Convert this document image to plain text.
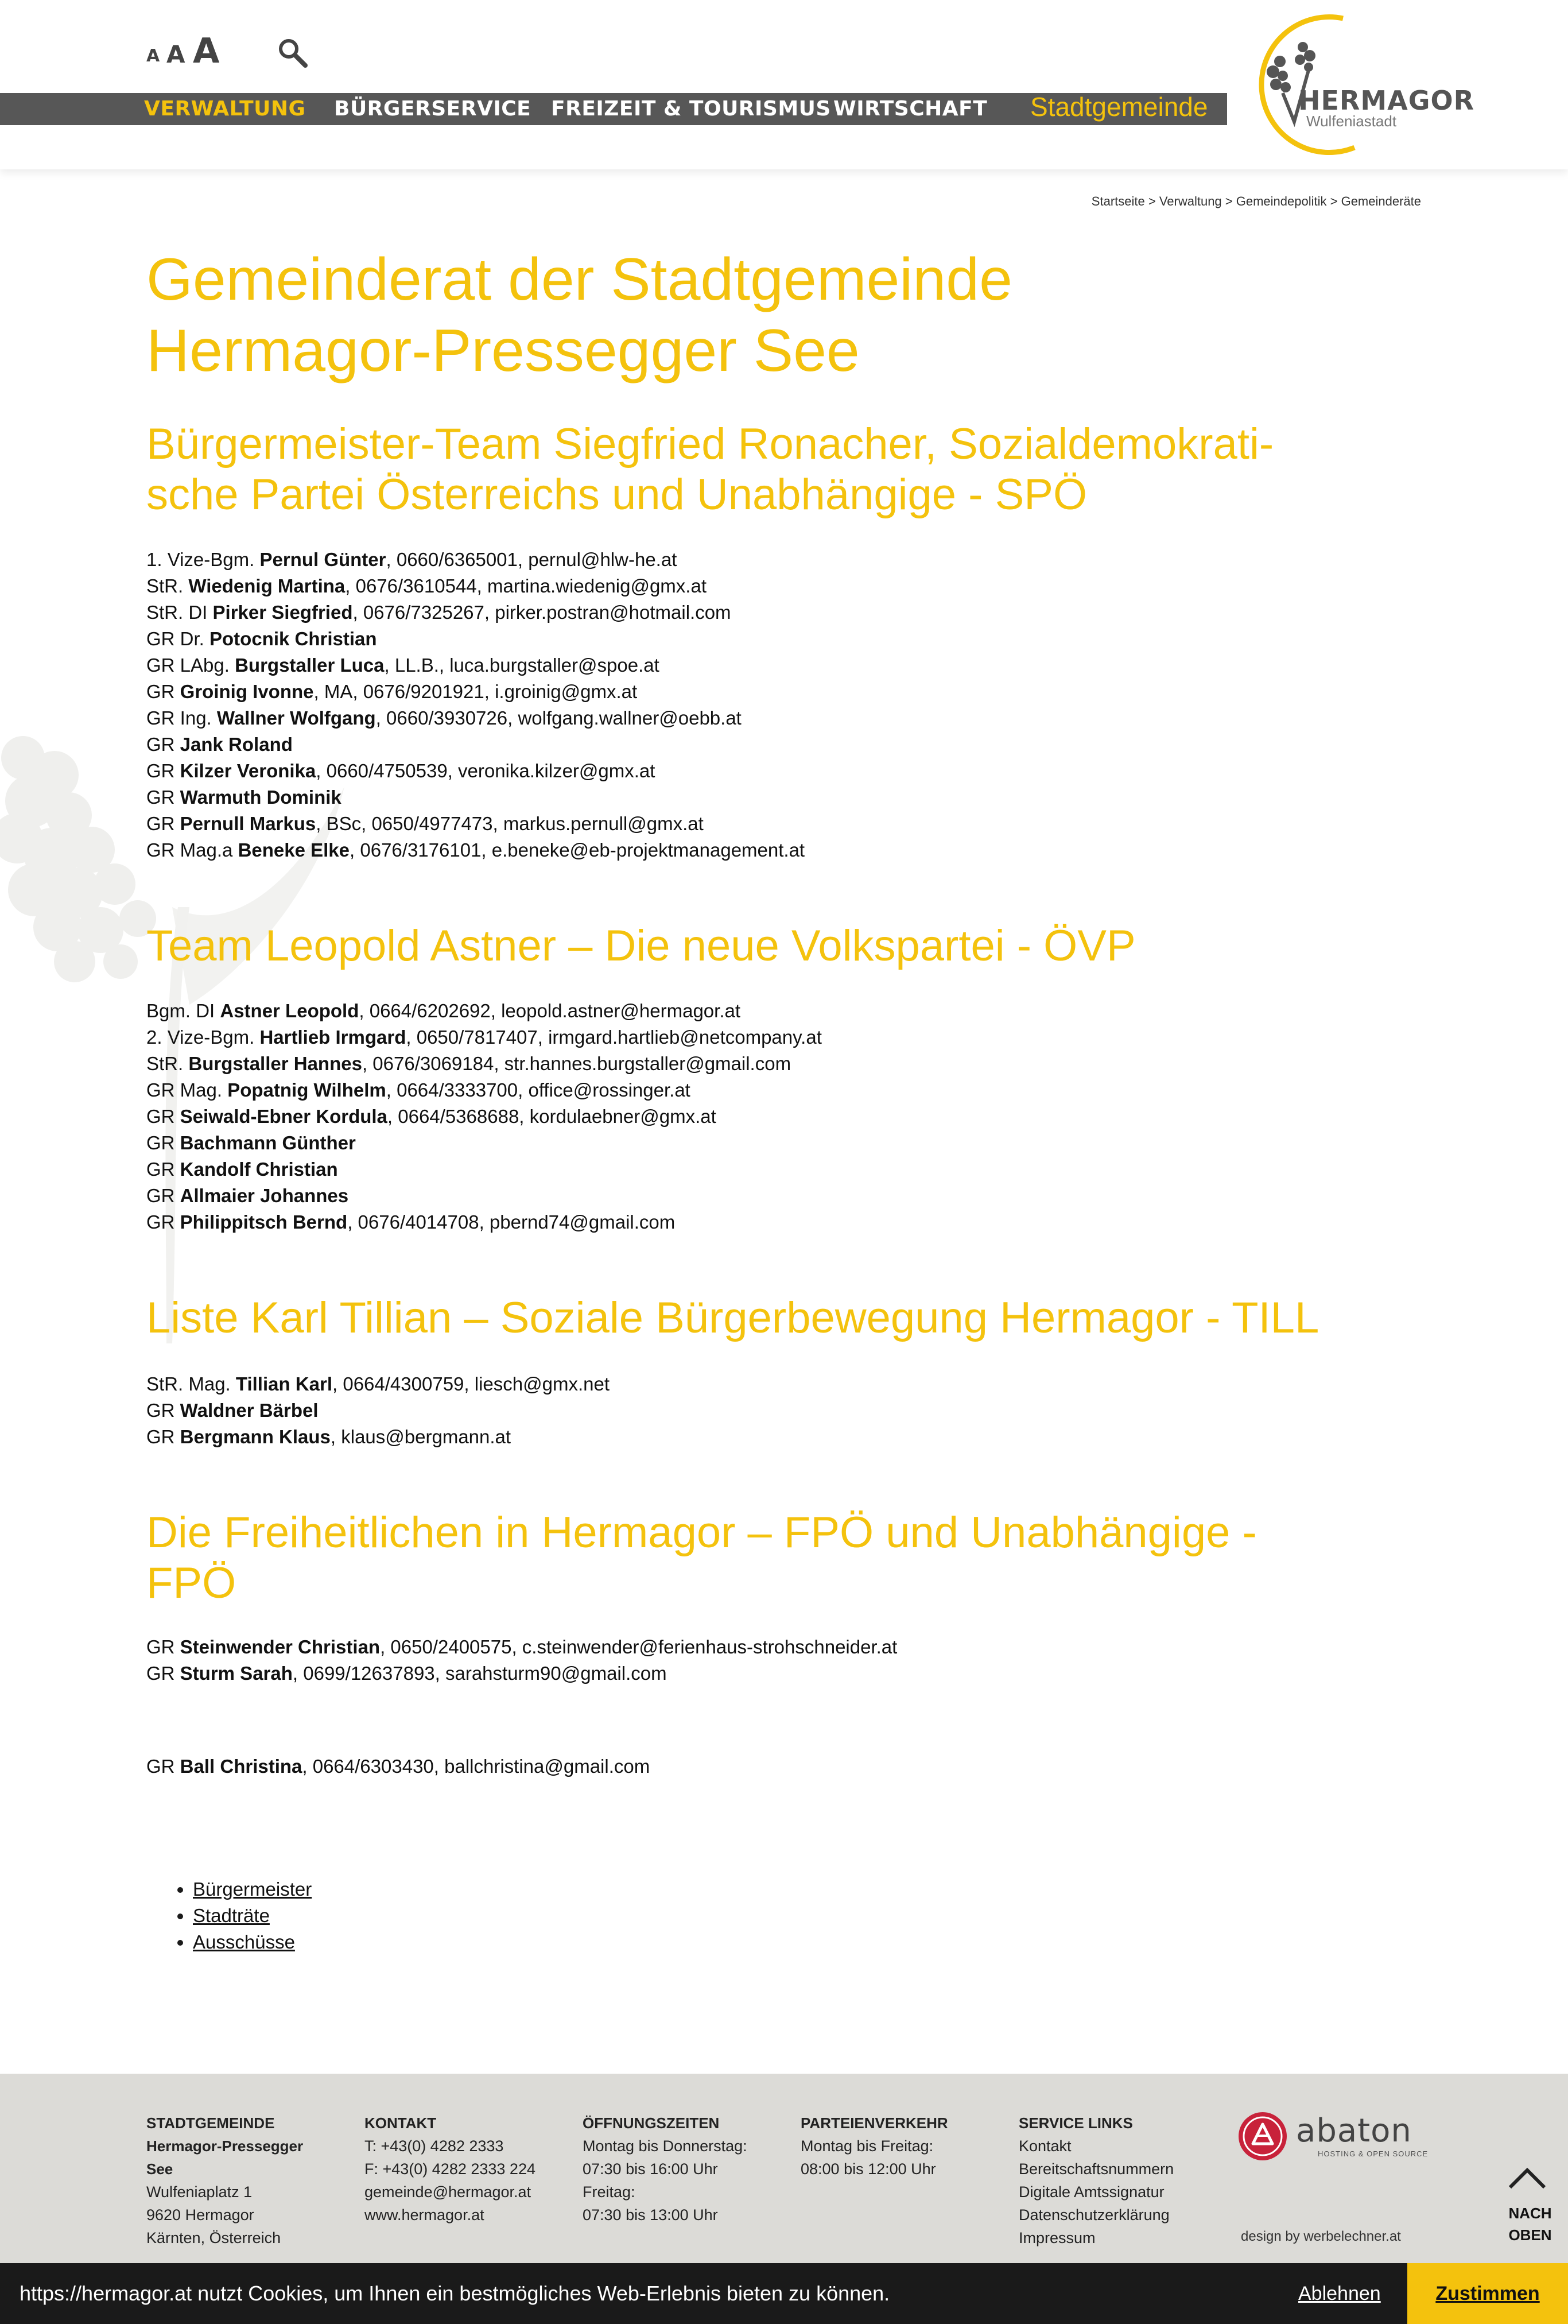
A A A
VERWALTUNG BÜRGERSERVICE FREIZEIT & TOURISMUS WIRTSCHAFT Stadtgemeinde	HERMAGOR
Wulfeniastadt
Startseite > Verwaltung > Gemeindepolitik > Gemeinderäte
Gemeinderat der Stadtgemeinde
Hermagor-Pressegger See
Bürgermeister-Team Siegfried Ronacher, Sozialdemokrati-
sche Partei Österreichs und Unabhängige - SPÖ
1. Vize-Bgm. Pernul Günter, 0660/6365001, pernul@hlw-he.at
StR. Wiedenig Martina, 0676/3610544, martina.wiedenig@gmx.at
StR. DI Pirker Siegfried, 0676/7325267, pirker.postran@hotmail.com
GR Dr. Potocnik Christian
GR LAbg. Burgstaller Luca, LL.B., luca.burgstaller@spoe.at
GR Groinig Ivonne, MA, 0676/9201921, i.groinig@gmx.at
GR Ing. Wallner Wolfgang, 0660/3930726, wolfgang.wallner@oebb.at
GR Jank Roland
GR Kilzer Veronika, 0660/4750539, veronika.kilzer@gmx.at
GR Warmuth Dominik
GR Pernull Markus, BSc, 0650/4977473, markus.pernull@gmx.at
GR Mag.a Beneke Elke, 0676/3176101, e.beneke@eb-projektmanagement.at
Team Leopold Astner – Die neue Volkspartei - ÖVP
Bgm. DI Astner Leopold, 0664/6202692, leopold.astner@hermagor.at
2. Vize-Bgm. Hartlieb Irmgard, 0650/7817407, irmgard.hartlieb@netcompany.at
StR. Burgstaller Hannes, 0676/3069184, str.hannes.burgstaller@gmail.com
GR Mag. Popatnig Wilhelm, 0664/3333700, office@rossinger.at
GR Seiwald-Ebner Kordula, 0664/5368688, kordulaebner@gmx.at
GR Bachmann Günther
GR Kandolf Christian
GR Allmaier Johannes
GR Philippitsch Bernd, 0676/4014708, pbernd74@gmail.com
Liste Karl Tillian – Soziale Bürgerbewegung Hermagor - TILL
StR. Mag. Tillian Karl, 0664/4300759, liesch@gmx.net
GR Waldner Bärbel
GR Bergmann Klaus, klaus@bergmann.at
Die Freiheitlichen in Hermagor – FPÖ und Unabhängige -
FPÖ
GR Steinwender Christian, 0650/2400575, c.steinwender@ferienhaus-strohschneider.at
GR Sturm Sarah, 0699/12637893, sarahsturm90@gmail.com
GR Ball Christina, 0664/6303430, ballchristina@gmail.com
• Bürgermeister
• Stadträte
• Ausschüsse
STADTGEMEINDE
Hermagor-Pressegger
See
Wulfeniaplatz 1
9620 Hermagor
Kärnten, Österreich
KONTAKT
T: +43(0) 4282 2333
F: +43(0) 4282 2333 224
gemeinde@hermagor.at
www.hermagor.at
ÖFFNUNGSZEITEN
Montag bis Donnerstag:
07:30 bis 16:00 Uhr
Freitag:
07:30 bis 13:00 Uhr
PARTEIENVERKEHR
Montag bis Freitag:
08:00 bis 12:00 Uhr
SERVICE LINKS
Kontakt
Bereitschaftsnummern
Digitale Amtssignatur
Datenschutzerklärung
Impressum
abaton
HOSTING & OPEN SOURCE
design by werbelechner.at
NACH
OBEN
https://hermagor.at nutzt Cookies, um Ihnen ein bestmögliches Web-Erlebnis bieten zu können.	Ablehnen	Zustimmen
